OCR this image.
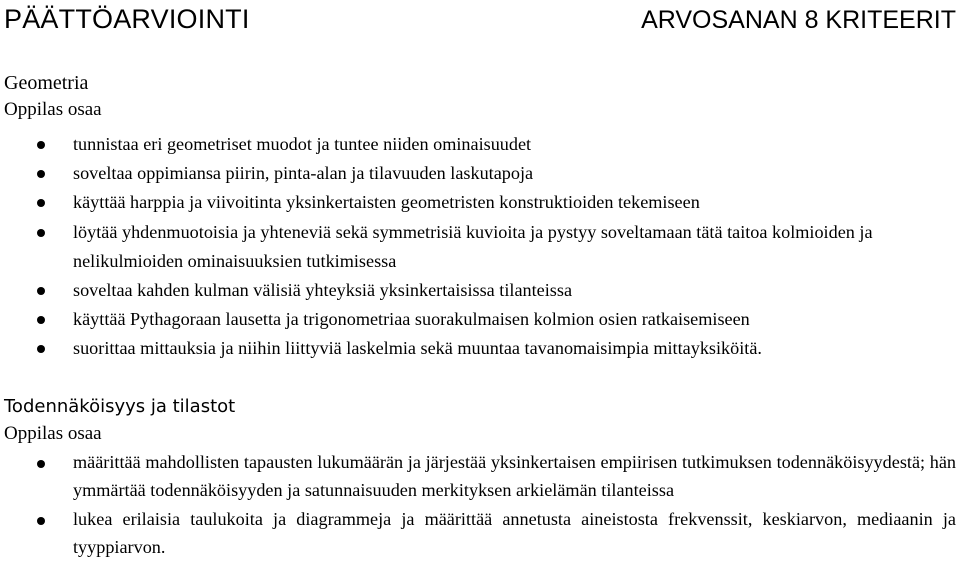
PÄÄTTÖARVIOINTI	ARVOSANAN 8 KRITEERIT
Geometria
Oppilas osaa
tunnistaa eri geometriset muodot ja tuntee niiden ominaisuudet
soveltaa oppimiansa piirin, pinta-alan ja tilavuuden laskutapoja
käyttää harppia ja viivoitinta yksinkertaisten geometristen konstruktioiden tekemiseen
löytää yhdenmuotoisia ja yhteneviä sekä symmetrisiä kuvioita ja pystyy soveltamaan tätä taitoa kolmioiden ja nelikulmioiden ominaisuuksien tutkimisessa
soveltaa kahden kulman välisiä yhteyksiä yksinkertaisissa tilanteissa
käyttää Pythagoraan lausetta ja trigonometriaa suorakulmaisen kolmion osien ratkaisemiseen
suorittaa mittauksia ja niihin liittyviä laskelmia sekä muuntaa tavanomaisimpia mittayksiköitä.
Todennäköisyys ja tilastot
Oppilas osaa
määrittää mahdollisten tapausten lukumäärän ja järjestää yksinkertaisen empiirisen tutkimuksen todennäköisyydestä; hän ymmärtää todennäköisyyden ja satunnaisuuden merkityksen arkielämän tilanteissa
lukea erilaisia taulukoita ja diagrammeja ja määrittää annetusta aineistosta frekvenssit, keskiarvon, mediaanin ja tyyppiarvon.
